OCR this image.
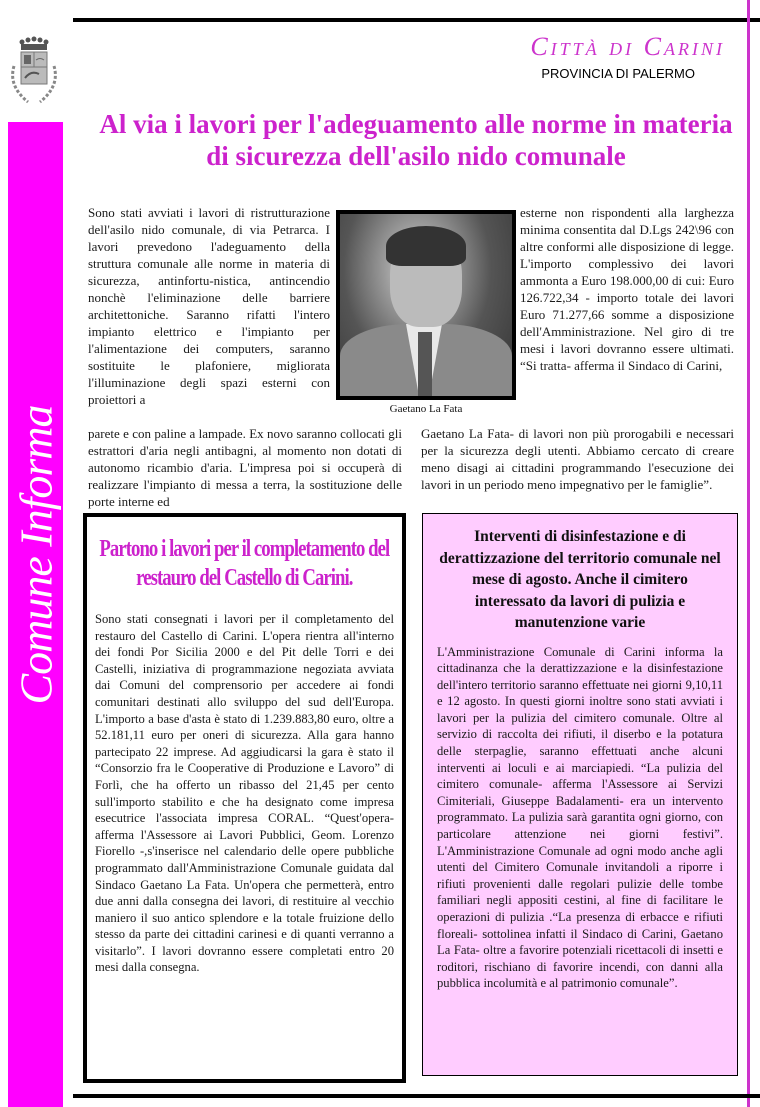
Comune Informa
Città di Carini
PROVINCIA DI PALERMO
Al via i lavori per l'adeguamento alle norme in materia di sicurezza dell'asilo nido comunale

Sono stati avviati i lavori di ristrutturazione dell'asilo nido comunale, di via Petrarca. I lavori prevedono l'adeguamento della struttura comunale alle norme in materia di sicurezza, antinfortu-nistica, antincendio nonchè l'eliminazione delle barriere architettoniche. Saranno rifatti l'intero impianto elettrico e l'impianto per l'alimentazione dei computers, saranno sostituite le plafoniere, migliorata l'illuminazione degli spazi esterni con proiettori a

Gaetano La Fata

esterne non rispondenti alla larghezza minima consentita dal D.Lgs 242\96 con altre conformi alle disposizione di legge. L'importo complessivo dei lavori ammonta a Euro 198.000,00 di cui: Euro 126.722,34 - importo totale dei lavori Euro 71.277,66 somme a disposizione dell'Amministrazione. Nel giro di tre mesi i lavori dovranno essere ultimati. “Si tratta- afferma il Sindaco di Carini,

parete e con paline a lampade. Ex novo saranno collocati gli estrattori d'aria negli antibagni, al momento non dotati di autonomo ricambio d'aria. L'impresa poi si occuperà di realizzare l'impianto di messa a terra, la sostituzione delle porte interne ed

Gaetano La Fata- di lavori non più prorogabili e necessari per la sicurezza degli utenti. Abbiamo cercato di creare meno disagi ai cittadini programmando l'esecuzione dei lavori in un periodo meno impegnativo per le famiglie”.

Partono i lavori per il completamento del restauro del Castello di Carini.

Sono stati consegnati i lavori per il completamento del restauro del Castello di Carini. L'opera rientra all'interno dei fondi Por Sicilia 2000 e del Pit delle Torri e dei Castelli, iniziativa di programmazione negoziata avviata dai Comuni del comprensorio per accedere ai fondi comunitari destinati allo sviluppo del sud dell'Europa. L'importo a base d'asta è stato di 1.239.883,80 euro, oltre a 52.181,11 euro per oneri di sicurezza. Alla gara hanno partecipato 22 imprese. Ad aggiudicarsi la gara è stato il “Consorzio fra le Cooperative di Produzione e Lavoro” di Forlì, che ha offerto un ribasso del 21,45 per cento sull'importo stabilito e che ha designato come impresa esecutrice l'associata impresa CORAL. “Quest'opera- afferma l'Assessore ai Lavori Pubblici, Geom. Lorenzo Fiorello -,s'inserisce nel calendario delle opere pubbliche programmato dall'Amministrazione Comunale guidata dal Sindaco Gaetano La Fata. Un'opera che permetterà, entro due anni dalla consegna dei lavori, di restituire al vecchio maniero il suo antico splendore e la totale fruizione dello stesso da parte dei cittadini carinesi e di quanti verranno a visitarlo”. I lavori dovranno essere completati entro 20 mesi dalla consegna.

Interventi di disinfestazione e di derattizzazione del territorio comunale nel mese di agosto. Anche il cimitero interessato da lavori di pulizia e manutenzione varie

L'Amministrazione Comunale di Carini informa la cittadinanza che la derattizzazione e la disinfestazione dell'intero territorio saranno effettuate nei giorni 9,10,11 e 12 agosto. In questi giorni inoltre sono stati avviati i lavori per la pulizia del cimitero comunale. Oltre al servizio di raccolta dei rifiuti, il diserbo e la potatura delle sterpaglie, saranno effettuati anche alcuni interventi ai loculi e ai marciapiedi. “La pulizia del cimitero comunale- afferma l'Assessore ai Servizi Cimiteriali, Giuseppe Badalamenti- era un intervento programmato. La pulizia sarà garantita ogni giorno, con particolare attenzione nei giorni festivi”. L'Amministrazione Comunale ad ogni modo anche agli utenti del Cimitero Comunale invitandoli a riporre i rifiuti provenienti dalle regolari pulizie delle tombe familiari negli appositi cestini, al fine di facilitare le operazioni di pulizia .“La presenza di erbacce e rifiuti floreali- sottolinea infatti il Sindaco di Carini, Gaetano La Fata- oltre a favorire potenziali ricettacoli di insetti e roditori, rischiano di favorire incendi, con danni alla pubblica incolumità e al patrimonio comunale”.
